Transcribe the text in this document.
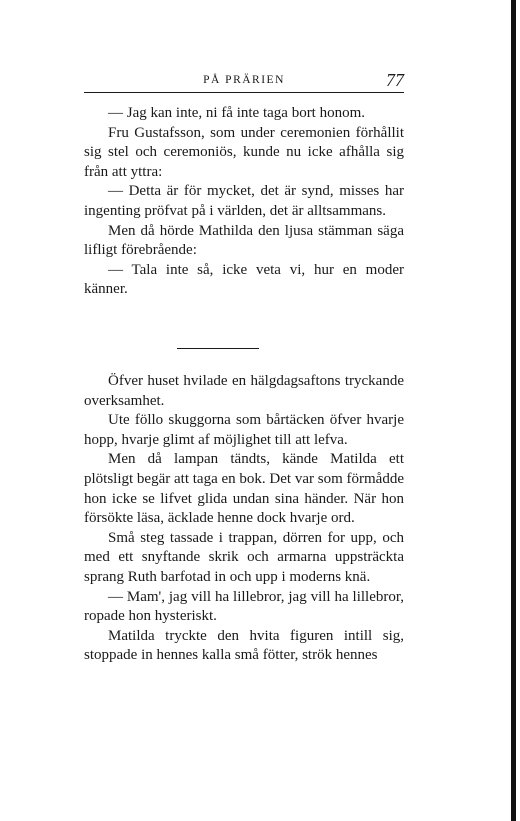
PÅ PRÄRIEN	77

— Jag kan inte, ni få inte taga bort honom.

Fru Gustafsson, som under ceremonien förhållit sig stel och ceremoniös, kunde nu icke afhålla sig från att yttra:

— Detta är för mycket, det är synd, misses har ingenting pröfvat på i världen, det är alltsammans.

Men då hörde Mathilda den ljusa stämman säga lifligt förebrående:

— Tala inte så, icke veta vi, hur en moder känner.

Öfver huset hvilade en hälgdagsaftons tryckande overksamhet.

Ute föllo skuggorna som bårtäcken öfver hvarje hopp, hvarje glimt af möjlighet till att lefva.

Men då lampan tändts, kände Matilda ett plötsligt begär att taga en bok. Det var som förmådde hon icke se lifvet glida undan sina händer. När hon försökte läsa, äcklade henne dock hvarje ord.

Små steg tassade i trappan, dörren for upp, och med ett snyftande skrik och armarna uppsträckta sprang Ruth barfotad in och upp i moderns knä.

— Mam', jag vill ha lillebror, jag vill ha lillebror, ropade hon hysteriskt.

Matilda tryckte den hvita figuren intill sig, stoppade in hennes kalla små fötter, strök hennes
